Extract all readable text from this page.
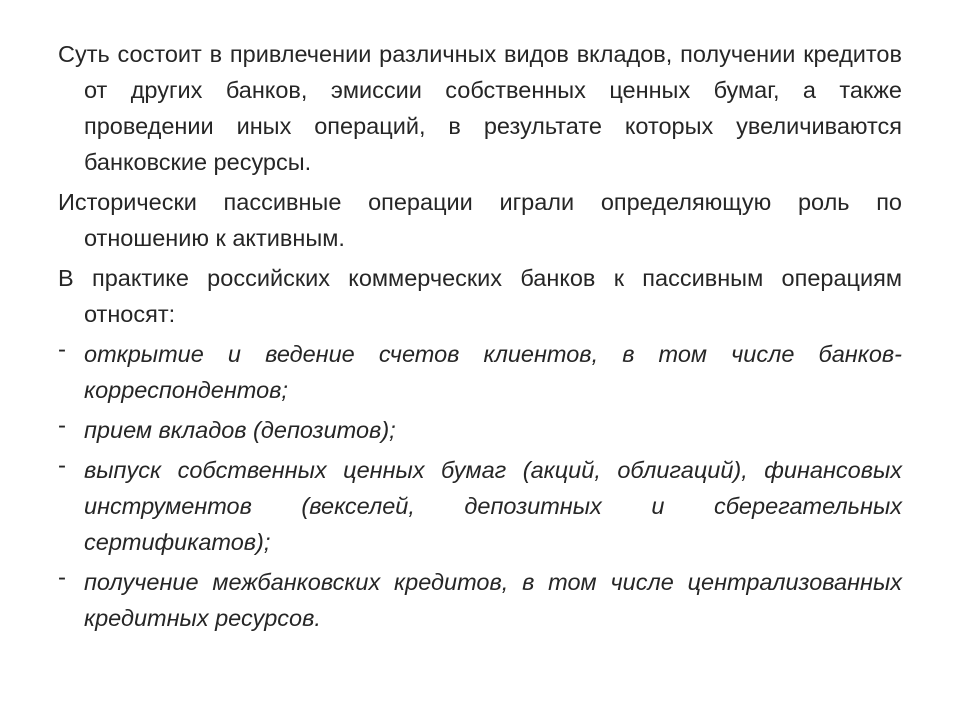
Суть состоит в привлечении различных видов вкладов, получении кредитов от других банков, эмиссии собственных ценных бумаг, а также проведении иных операций, в результате которых увеличиваются банковские ресурсы.

Исторически пассивные операции играли определяющую роль по отношению к активным.

В практике российских коммерческих банков к пассивным операциям относят:

- открытие и ведение счетов клиентов, в том числе банков-корреспондентов;
- прием вкладов (депозитов);
- выпуск собственных ценных бумаг (акций, облигаций), финансовых инструментов (векселей, депозитных и сберегательных сертификатов);
- получение межбанковских кредитов, в том числе централизованных кредитных ресурсов.
